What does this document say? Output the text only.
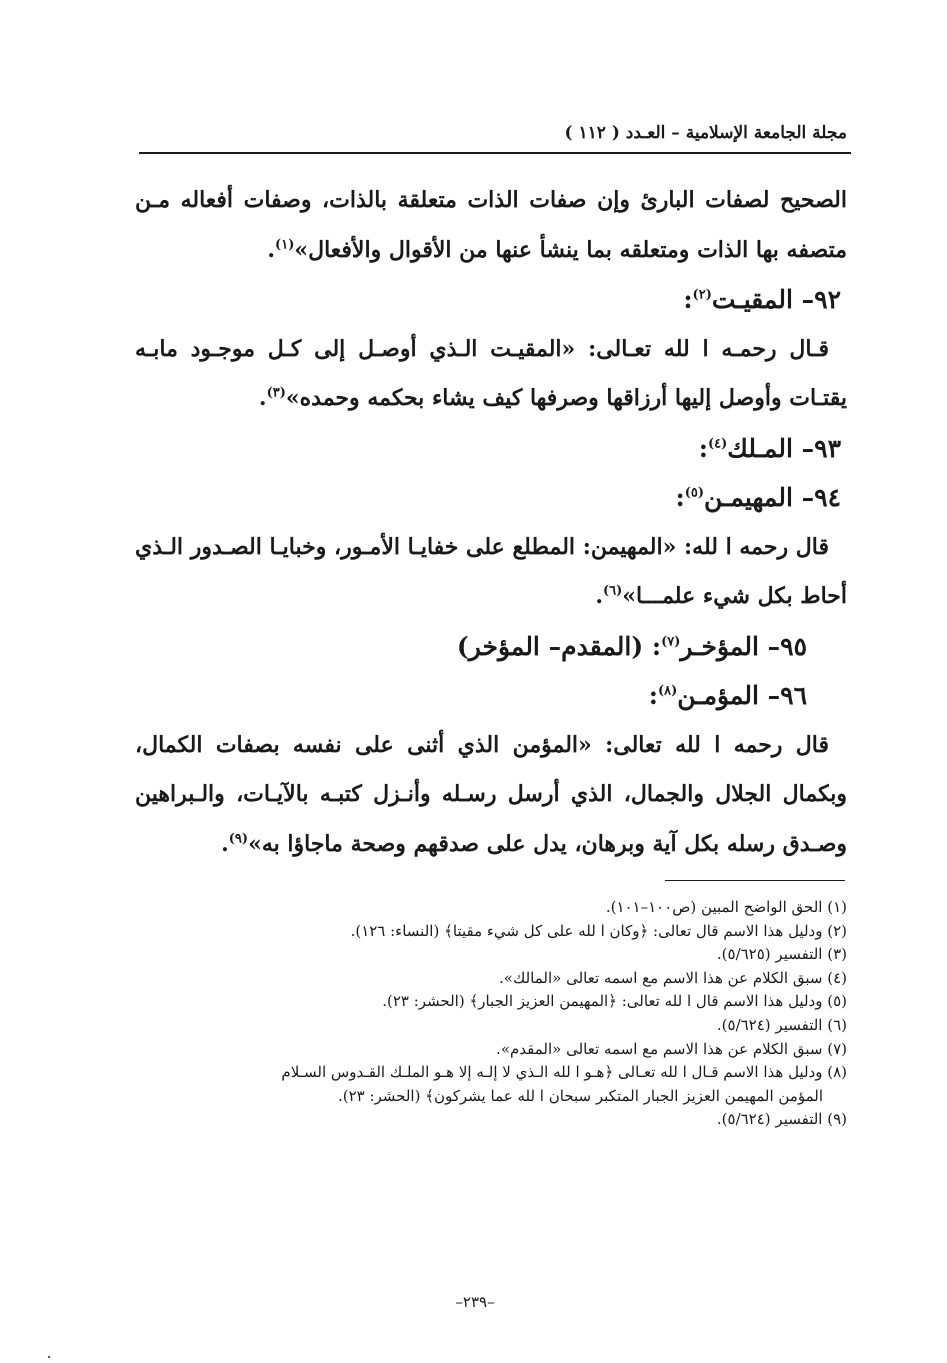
مجلة الجامعة الإسلامية – العـدد ( ١١٢ )

الصحيح لصفات البارئ وإن صفات الذات متعلقة بالذات، وصفات أفعاله مـن متصفه بها الذات ومتعلقه بما ينشأ عنها من الأقوال والأفعال»$^{(١)}$.

٩٢– المقيـت$^{(٢)}$:

قـال رحمـه ا لله تعـالى: «المقيـت الـذي أوصـل إلى كـل موجـود مابـه يقتـات وأوصل إليها أرزاقها وصرفها كيف يشاء بحكمه وحمده»$^{(٣)}$.

٩٣– المـلك$^{(٤)}$:

٩٤– المهيمـن$^{(٥)}$:

قال رحمه ا لله: «المهيمن: المطلع على خفايـا الأمـور، وخبايـا الصـدور الـذي أحاط بكل شيء علمـــا»$^{(٦)}$.

٩٥– المؤخـر$^{(٧)}$: (المقدم– المؤخر)

٩٦– المؤمـن$^{(٨)}$:

قال رحمه ا لله تعالى: «المؤمن الذي أثنى على نفسه بصفات الكمال، وبكمال الجلال والجمال، الذي أرسل رسـله وأنـزل كتبـه بالآيـات، والـبراهين وصـدق رسله بكل آية وبرهان، يدل على صدقهم وصحة ماجاؤا به»$^{(٩)}$.

(١) الحق الواضح المبين (ص١٠٠–١٠١).
(٢) ودليل هذا الاسم قال تعالى: ﴿وكان ا لله على كل شيء مقيتا﴾ (النساء: ١٢٦).
(٣) التفسير (٥/٦٢٥).
(٤) سبق الكلام عن هذا الاسم مع اسمه تعالى «المالك».
(٥) ودليل هذا الاسم قال ا لله تعالى: ﴿المهيمن العزيز الجبار﴾ (الحشر: ٢٣).
(٦) التفسير (٥/٦٢٤).
(٧) سبق الكلام عن هذا الاسم مع اسمه تعالى «المقدم».
(٨) ودليل هذا الاسم قـال ا لله تعـالى ﴿هـو ا لله الـذي لا إلـه إلا هـو الملـك القـدوس السـلام
المؤمن المهيمن العزيز الجبار المتكبر سبحان ا لله عما يشركون﴾ (الحشر: ٢٣).
(٩) التفسير (٥/٦٢٤).
–٢٣٩–
